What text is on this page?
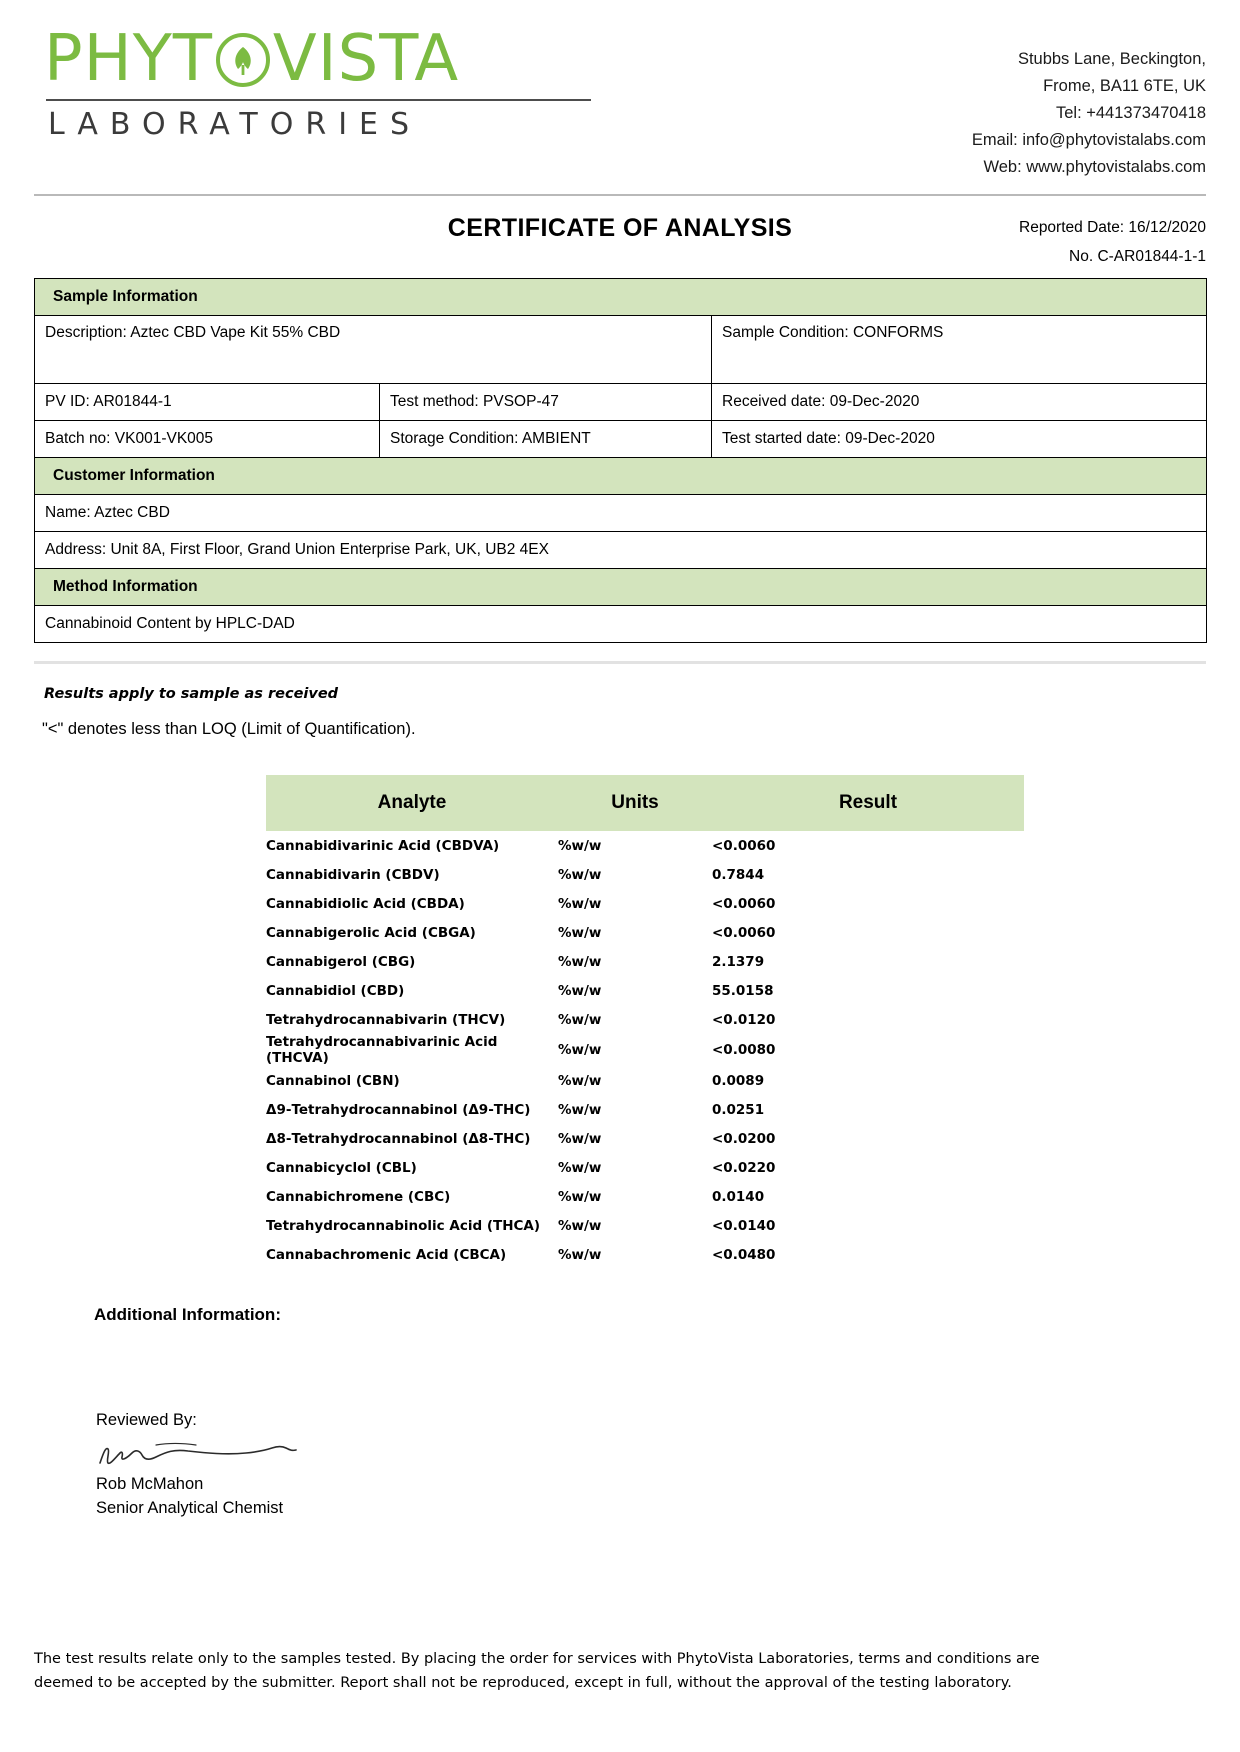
PHYT VISTA
LABORATORIES
Stubbs Lane, Beckington,
Frome, BA11 6TE, UK
Tel: +441373470418
Email: info@phytovistalabs.com
Web: www.phytovistalabs.com
Reported Date: 16/12/2020
No. C-AR01844-1-1
CERTIFICATE OF ANALYSIS
Sample Information		
Description: Aztec CBD Vape Kit 55% CBD		Sample Condition: CONFORMS
PV ID: AR01844-1	Test method: PVSOP-47	Received date: 09-Dec-2020
Batch no: VK001-VK005	Storage Condition: AMBIENT	Test started date: 09-Dec-2020
Customer Information		
Name: Aztec CBD		
Address: Unit 8A, First Floor, Grand Union Enterprise Park, UK, UB2 4EX		
Method Information		
Cannabinoid Content by HPLC-DAD		
Results apply to sample as received
"<" denotes less than LOQ (Limit of Quantification).
Analyte	Units	Result
Cannabidivarinic Acid (CBDVA)	%w/w	<0.0060
Cannabidivarin (CBDV)	%w/w	0.7844
Cannabidiolic Acid (CBDA)	%w/w	<0.0060
Cannabigerolic Acid (CBGA)	%w/w	<0.0060
Cannabigerol (CBG)	%w/w	2.1379
Cannabidiol (CBD)	%w/w	55.0158
Tetrahydrocannabivarin (THCV)	%w/w	<0.0120
Tetrahydrocannabivarinic Acid (THCVA)	%w/w	<0.0080
Cannabinol (CBN)	%w/w	0.0089
Δ9-Tetrahydrocannabinol (Δ9-THC)	%w/w	0.0251
Δ8-Tetrahydrocannabinol (Δ8-THC)	%w/w	<0.0200
Cannabicyclol (CBL)	%w/w	<0.0220
Cannabichromene (CBC)	%w/w	0.0140
Tetrahydrocannabinolic Acid (THCA)	%w/w	<0.0140
Cannabachromenic Acid (CBCA)	%w/w	<0.0480
Additional Information:
Reviewed By:
Rob McMahon
Senior Analytical Chemist
The test results relate only to the samples tested. By placing the order for services with PhytoVista Laboratories, terms and conditions are
deemed to be accepted by the submitter. Report shall not be reproduced, except in full, without the approval of the testing laboratory.
